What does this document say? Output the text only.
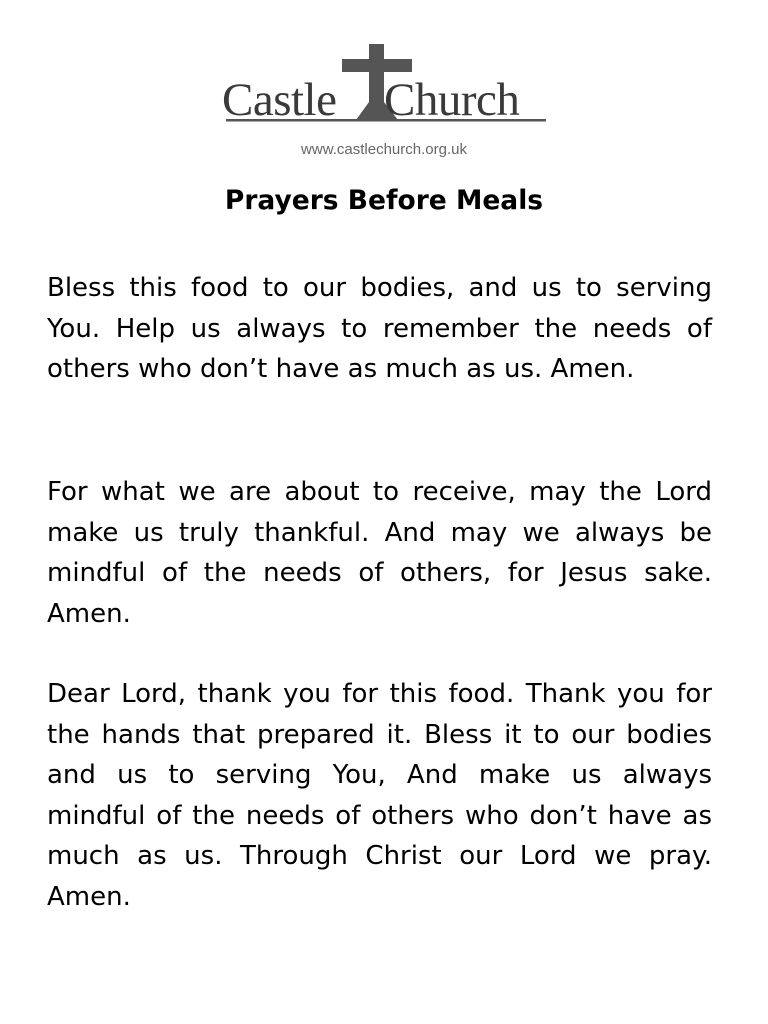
Castle Church
www.castlechurch.org.uk
Prayers Before Meals

Bless this food to our bodies, and us to serving You. Help us always to remember the needs of others who don’t have as much as us. Amen.

For what we are about to receive, may the Lord make us truly thankful. And may we always be mindful of the needs of others, for Jesus sake. Amen.

Dear Lord, thank you for this food. Thank you for the hands that prepared it. Bless it to our bodies and us to serving You, And make us always mindful of the needs of others who don’t have as much as us. Through Christ our Lord we pray. Amen.
